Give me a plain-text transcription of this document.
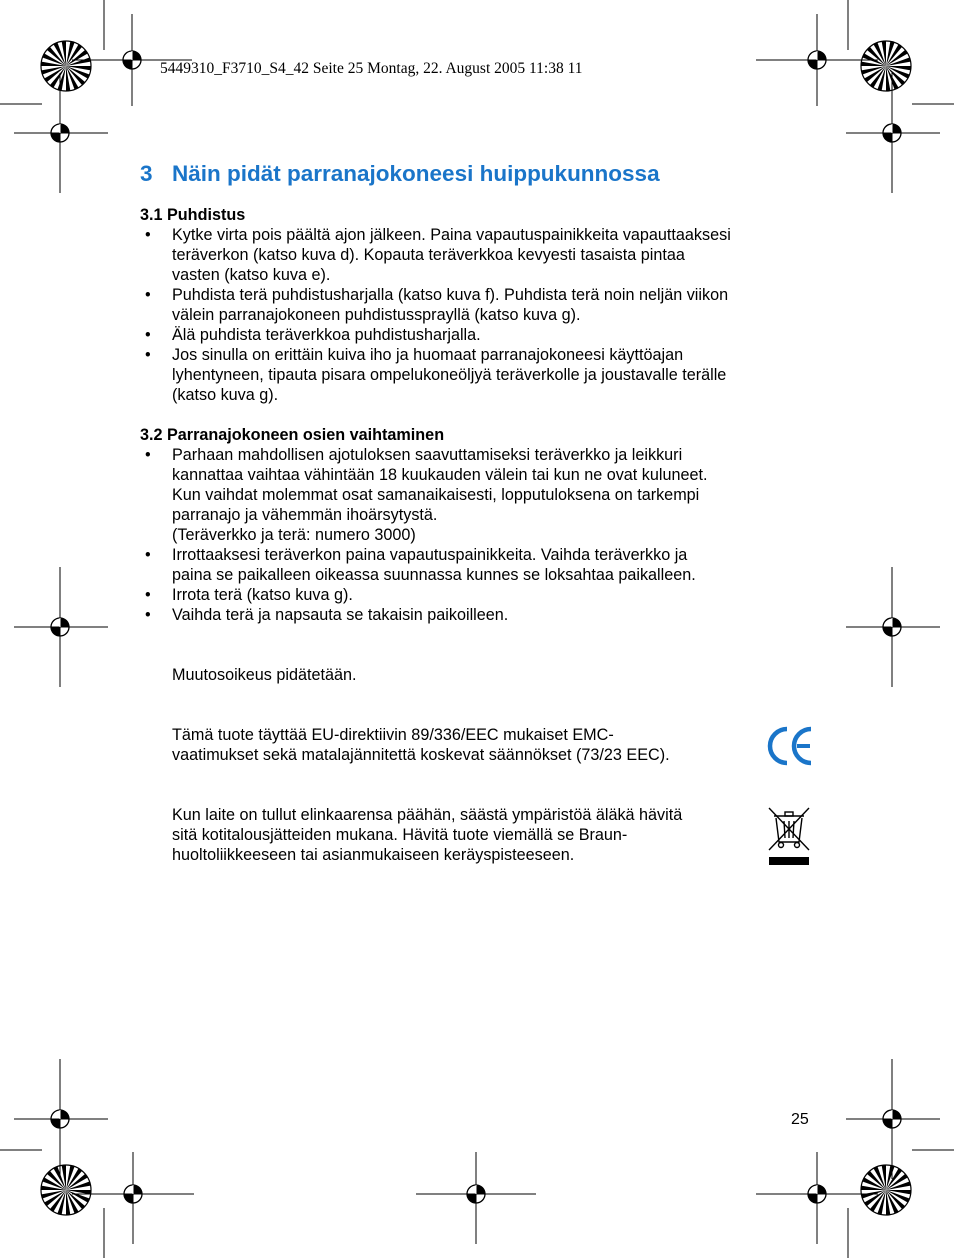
5449310_F3710_S4_42 Seite 25 Montag, 22. August 2005 11:38 11
3 Näin pidät parranajokoneesi huippukunnossa
3.1 Puhdistus
• Kytke virta pois päältä ajon jälkeen. Paina vapautuspainikkeita vapauttaaksesi
teräverkon (katso kuva d). Kopauta teräverkkoa kevyesti tasaista pintaa
vasten (katso kuva e).
• Puhdista terä puhdistusharjalla (katso kuva f). Puhdista terä noin neljän viikon
välein parranajokoneen puhdistussprayllä (katso kuva g).
• Älä puhdista teräverkkoa puhdistusharjalla.
• Jos sinulla on erittäin kuiva iho ja huomaat parranajokoneesi käyttöajan
lyhentyneen, tipauta pisara ompelukoneöljyä teräverkolle ja joustavalle terälle
(katso kuva g).
3.2 Parranajokoneen osien vaihtaminen
• Parhaan mahdollisen ajotuloksen saavuttamiseksi teräverkko ja leikkuri
kannattaa vaihtaa vähintään 18 kuukauden välein tai kun ne ovat kuluneet.
Kun vaihdat molemmat osat samanaikaisesti, lopputuloksena on tarkempi
parranajo ja vähemmän ihoärsytystä.
(Teräverkko ja terä: numero 3000)
• Irrottaaksesi teräverkon paina vapautuspainikkeita. Vaihda teräverkko ja
paina se paikalleen oikeassa suunnassa kunnes se loksahtaa paikalleen.
• Irrota terä (katso kuva g).
• Vaihda terä ja napsauta se takaisin paikoilleen.
Muutosoikeus pidätetään.
Tämä tuote täyttää EU-direktiivin 89/336/EEC mukaiset EMC-
vaatimukset sekä matalajännitettä koskevat säännökset (73/23 EEC).
Kun laite on tullut elinkaarensa päähän, säästä ympäristöä äläkä hävitä
sitä kotitalousjätteiden mukana. Hävitä tuote viemällä se Braun-
huoltoliikkeeseen tai asianmukaiseen keräyspisteeseen.
25
